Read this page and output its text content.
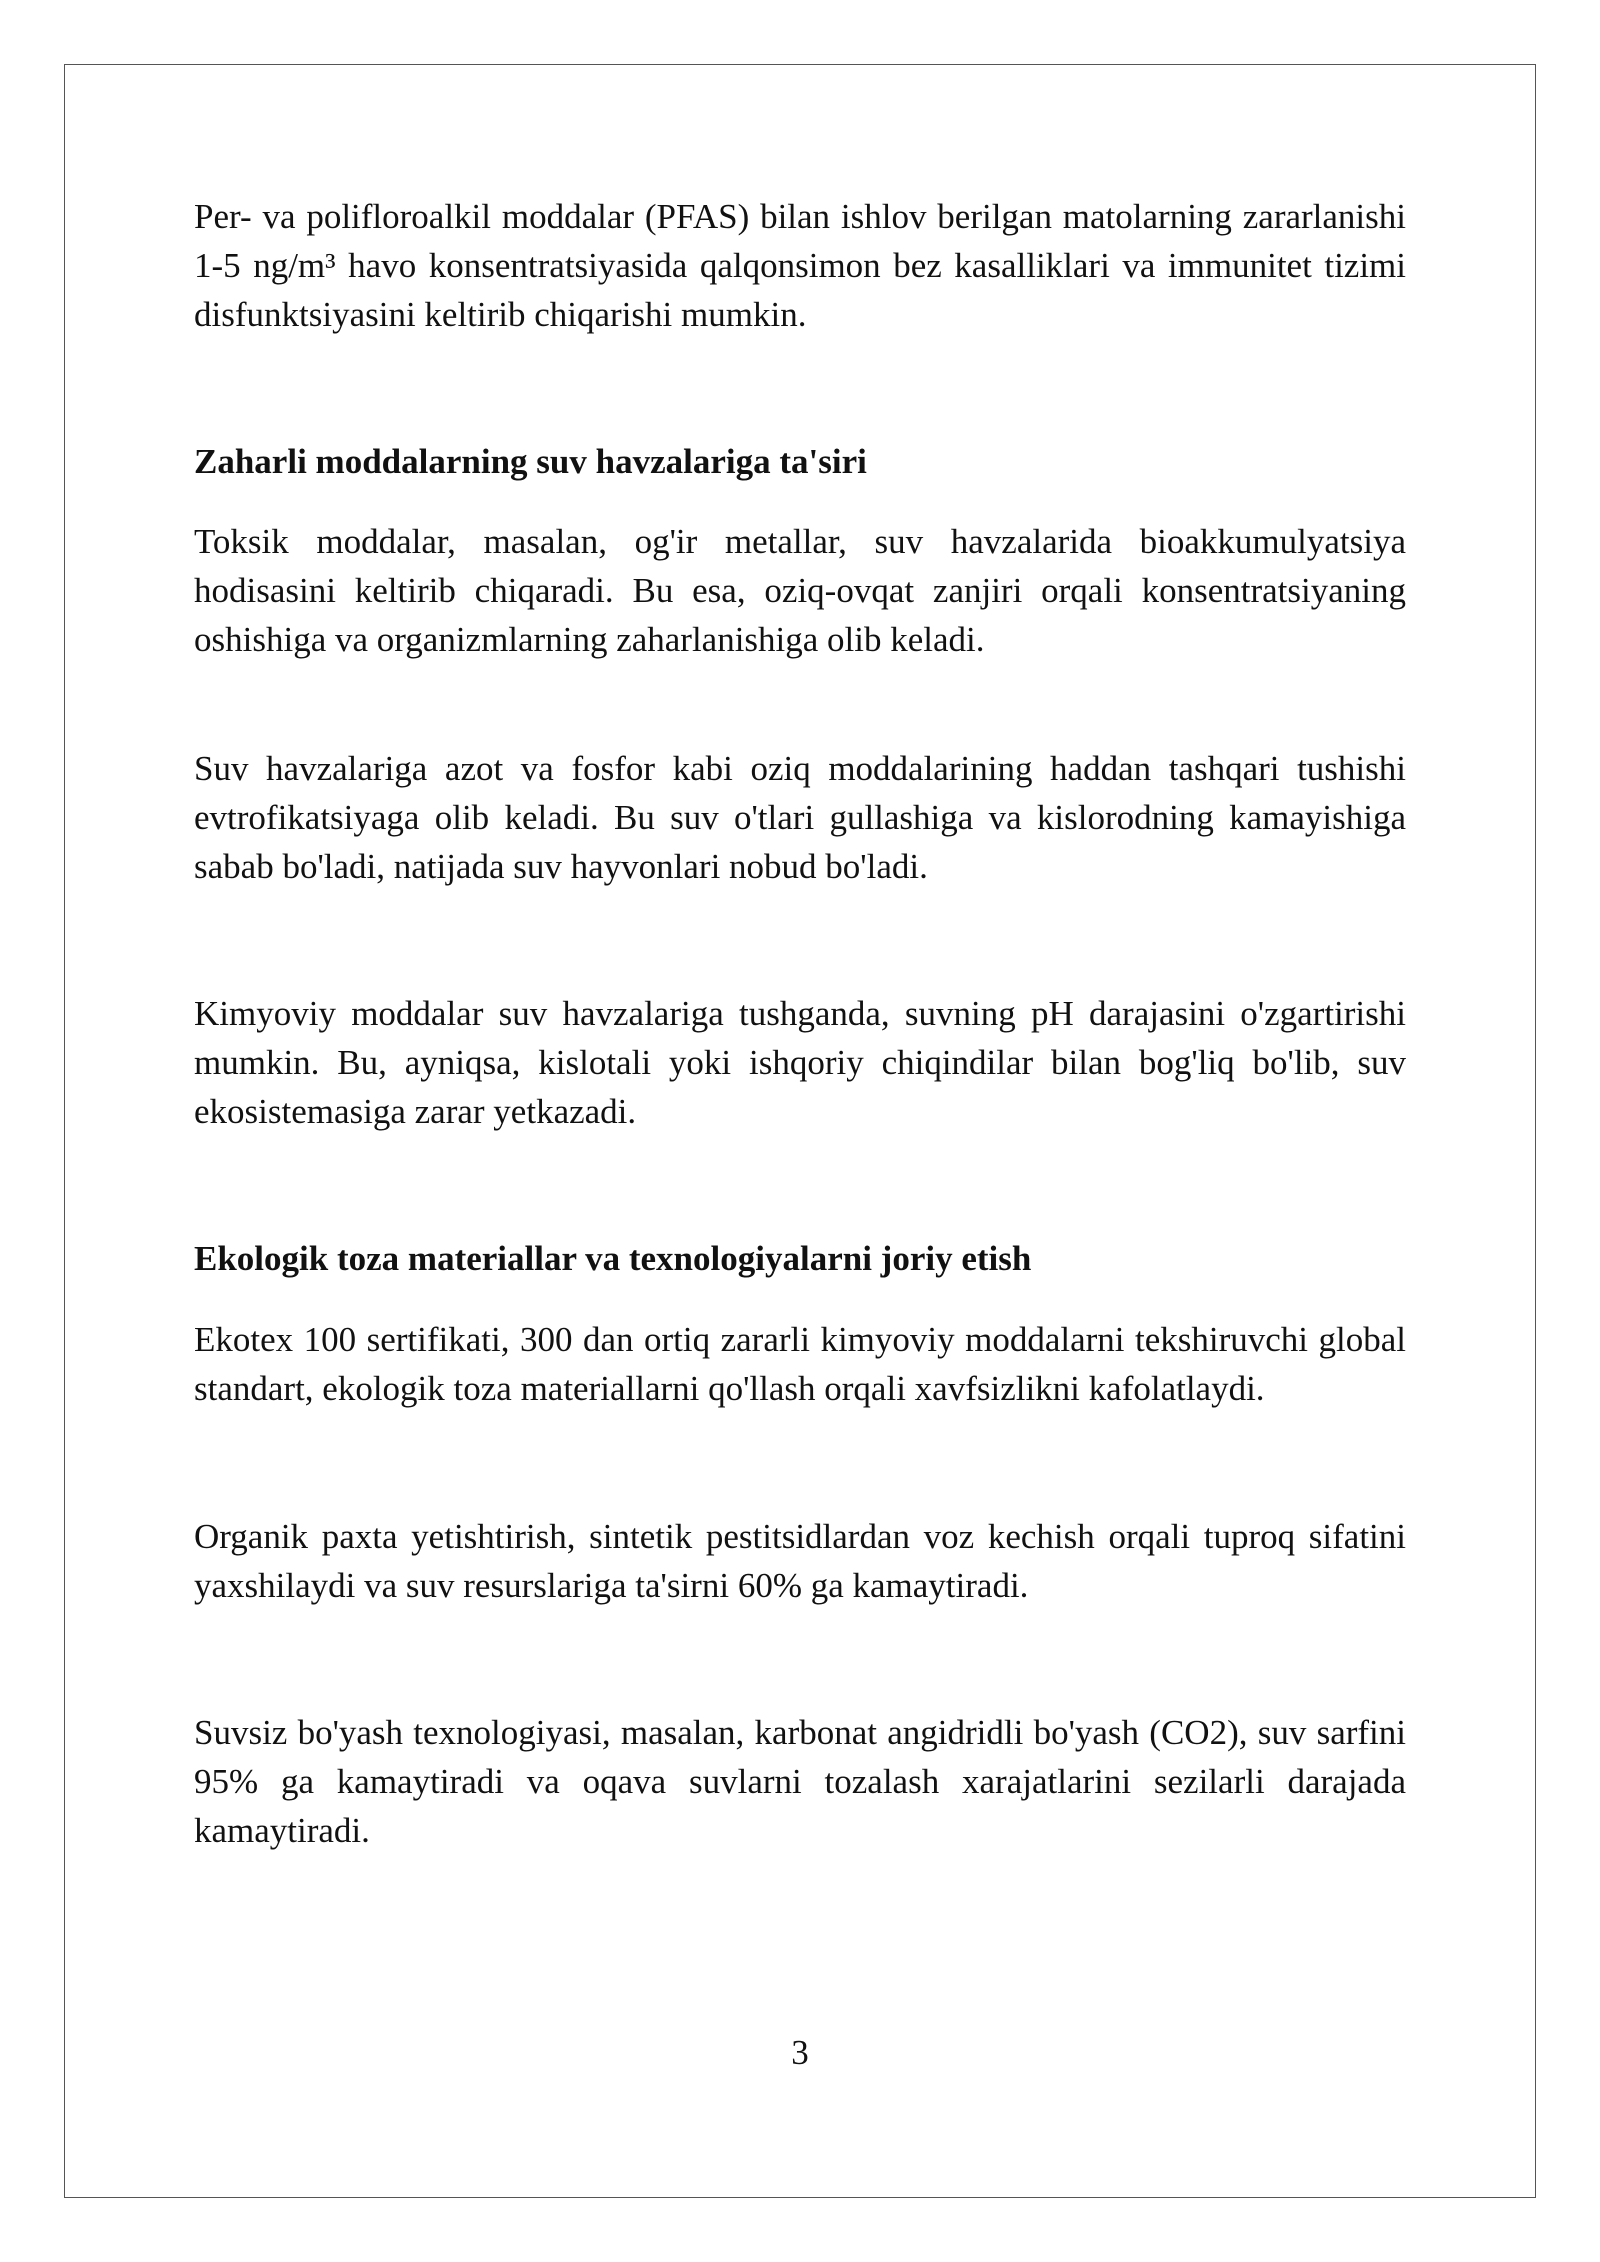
Per- va polifloroalkil moddalar (PFAS) bilan ishlov berilgan matolarning zararlanishi 1-5 ng/m³ havo konsentratsiyasida qalqonsimon bez kasalliklari va immunitet tizimi disfunktsiyasini keltirib chiqarishi mumkin.

Zaharli moddalarning suv havzalariga ta'siri

Toksik moddalar, masalan, og'ir metallar, suv havzalarida bioakkumulyatsiya hodisasini keltirib chiqaradi. Bu esa, oziq-ovqat zanjiri orqali konsentratsiyaning oshishiga va organizmlarning zaharlanishiga olib keladi.

Suv havzalariga azot va fosfor kabi oziq moddalarining haddan tashqari tushishi evtrofikatsiyaga olib keladi. Bu suv o'tlari gullashiga va kislorodning kamayishiga sabab bo'ladi, natijada suv hayvonlari nobud bo'ladi.

Kimyoviy moddalar suv havzalariga tushganda, suvning pH darajasini o'zgartirishi mumkin. Bu, ayniqsa, kislotali yoki ishqoriy chiqindilar bilan bog'liq bo'lib, suv ekosistemasiga zarar yetkazadi.

Ekologik toza materiallar va texnologiyalarni joriy etish

Ekotex 100 sertifikati, 300 dan ortiq zararli kimyoviy moddalarni tekshiruvchi global standart, ekologik toza materiallarni qo'llash orqali xavfsizlikni kafolatlaydi.

Organik paxta yetishtirish, sintetik pestitsidlardan voz kechish orqali tuproq sifatini yaxshilaydi va suv resurslariga ta'sirni 60% ga kamaytiradi.

Suvsiz bo'yash texnologiyasi, masalan, karbonat angidridli bo'yash (CO2), suv sarfini 95% ga kamaytiradi va oqava suvlarni tozalash xarajatlarini sezilarli darajada kamaytiradi.

3
